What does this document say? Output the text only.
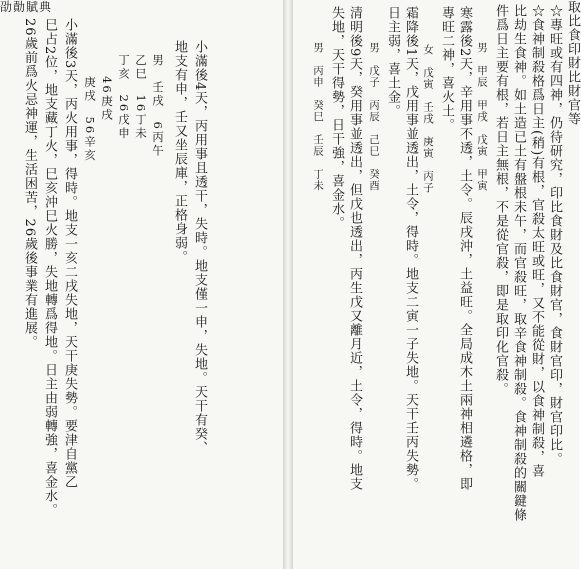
劭勣賦典
小滿後4天，丙用事且透干，失時。地支僅一申，失地。天干有癸、
地支有申，壬又坐辰庫，正格身弱。
男　壬戌　6丙午
乙巳　16丁未
丁亥　26戊申
46庚戌
庚戌　56辛亥
小滿後3天，丙火用事，得時。地支一亥二戌失地，天干庚失勢。要津自黨乙
巳占2位，地支藏丁火，巳亥沖巳火勝，失地轉爲得地。日主由弱轉強，喜金水。
26歲前爲火忌神運，生活困苦，26歲後事業有進展。	取比食印財比財官等
☆專旺或有四神，仍待研究，印比食財及比食財官，食財官印，財官印比。
☆食神制殺格爲日主(稍)有根，官殺太旺或旺，又不能從財，以食神制殺，喜
比劫生食神。如土造已土有盤根未午，而官殺旺，取辛食神制殺。食神制殺的關鍵條
件爲日主要有根，若日主無根，不是從官殺，即是取印化官殺。
男　甲辰　甲戌　戊寅　甲寅
寒露後2天，辛用事不透，土令。辰戌沖，土益旺。全局成木土兩神相遴格，即
專旺二神，喜火土。
女　戊寅　壬戌　庚寅　丙子
霜降後1天，戊用事並透出，土令，得時。地支二寅一子失地。天干壬丙失勢。
日主弱，喜土金。
男　戊子　丙辰　己巳　癸酉
清明後9天，癸用事並透出，但戊也透出，丙生戊又離月近，土令，得時。地支
失地，天干得勢，日干強，喜金水。
男　丙申　癸巳　壬辰　丁未
